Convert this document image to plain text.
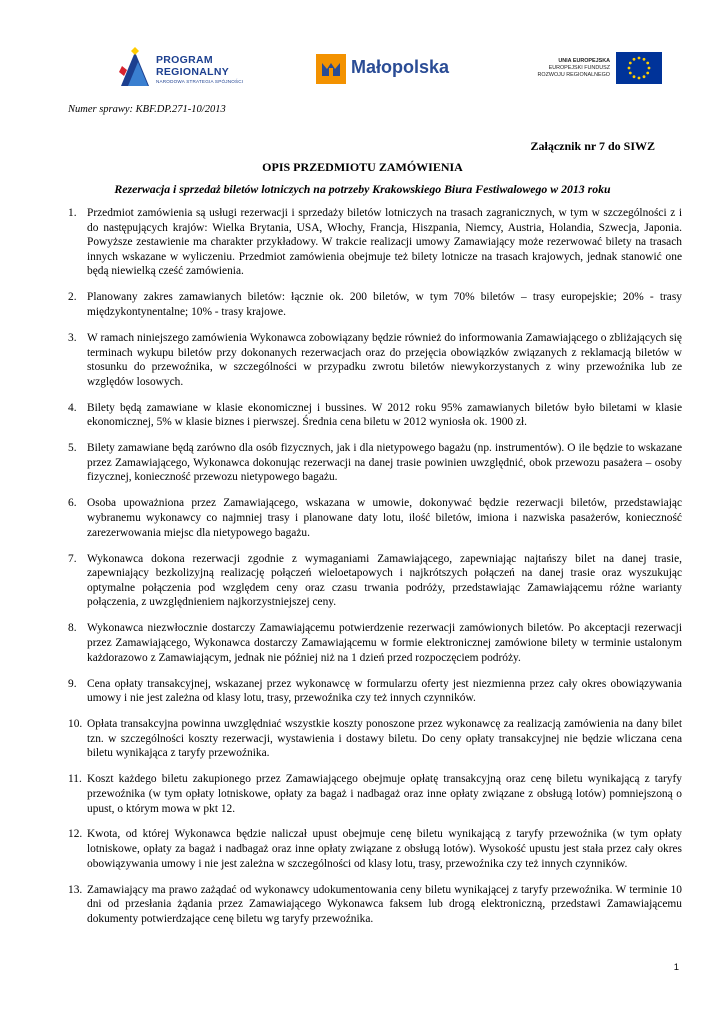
PROGRAM
REGIONALNY
NARODOWA STRATEGIA SPÓJNOŚCI
Małopolska	UNIA EUROPEJSKA
EUROPEJSKI FUNDUSZ
ROZWOJU REGIONALNEGO
Numer sprawy: KBF.DP.271-10/2013
Załącznik nr 7 do SIWZ
OPIS PRZEDMIOTU ZAMÓWIENIA
Rezerwacja i sprzedaż biletów lotniczych na potrzeby Krakowskiego Biura Festiwalowego w 2013 roku
1. Przedmiot zamówienia są usługi rezerwacji i sprzedaży biletów lotniczych na trasach zagranicznych, w tym w szczególności z i do następujących krajów: Wielka Brytania, USA, Włochy, Francja, Hiszpania, Niemcy, Austria, Holandia, Szwecja, Japonia. Powyższe zestawienie ma charakter przykładowy. W trakcie realizacji umowy Zamawiający może rezerwować bilety na trasach innych wskazane w wyliczeniu. Przedmiot zamówienia obejmuje też bilety lotnicze na trasach krajowych, jednak stanowić one będą niewielką cześć zamówienia.
2. Planowany zakres zamawianych biletów: łącznie ok. 200 biletów, w tym 70% biletów – trasy europejskie; 20% - trasy międzykontynentalne; 10% - trasy krajowe.
3. W ramach niniejszego zamówienia Wykonawca zobowiązany będzie również do informowania Zamawiającego o zbliżających się terminach wykupu biletów przy dokonanych rezerwacjach oraz do przejęcia obowiązków związanych z reklamacją biletów w stosunku do przewoźnika, w szczególności w przypadku zwrotu biletów niewykorzystanych z winy przewoźnika lub ze względów losowych.
4. Bilety będą zamawiane w klasie ekonomicznej i bussines. W 2012 roku 95% zamawianych biletów było biletami w klasie ekonomicznej, 5% w klasie biznes i pierwszej. Średnia cena biletu w 2012 wyniosła ok. 1900 zł.
5. Bilety zamawiane będą zarówno dla osób fizycznych, jak i dla nietypowego bagażu (np. instrumentów). O ile będzie to wskazane przez Zamawiającego, Wykonawca dokonując rezerwacji na danej trasie powinien uwzględnić, obok przewozu pasażera – osoby fizycznej, konieczność przewozu nietypowego bagażu.
6. Osoba upoważniona przez Zamawiającego, wskazana w umowie, dokonywać będzie rezerwacji biletów, przedstawiając wybranemu wykonawcy co najmniej trasy i planowane daty lotu, ilość biletów, imiona i nazwiska pasażerów, konieczność zarezerwowania miejsc dla nietypowego bagażu.
7. Wykonawca dokona rezerwacji zgodnie z wymaganiami Zamawiającego, zapewniając najtańszy bilet na danej trasie, zapewniający bezkolizyjną realizację połączeń wieloetapowych i najkrótszych połączeń na danej trasie oraz wyszukując optymalne połączenia pod względem ceny oraz czasu trwania podróży, przedstawiając Zamawiającemu różne warianty połączenia, z uwzględnieniem najkorzystniejszej ceny.
8. Wykonawca niezwłocznie dostarczy Zamawiającemu potwierdzenie rezerwacji zamówionych biletów. Po akceptacji rezerwacji przez Zamawiającego, Wykonawca dostarczy Zamawiającemu w formie elektronicznej zamówione bilety w terminie ustalonym każdorazowo z Zamawiającym, jednak nie później niż na 1 dzień przed rozpoczęciem podróży.
9. Cena opłaty transakcyjnej, wskazanej przez wykonawcę w formularzu oferty jest niezmienna przez cały okres obowiązywania umowy i nie jest zależna od klasy lotu, trasy, przewoźnika czy też innych czynników.
10. Opłata transakcyjna powinna uwzględniać wszystkie koszty ponoszone przez wykonawcę za realizacją zamówienia na dany bilet tzn. w szczególności koszty rezerwacji, wystawienia i dostawy biletu. Do ceny opłaty transakcyjnej nie będzie wliczana cena biletu wynikająca z taryfy przewoźnika.
11. Koszt każdego biletu zakupionego przez Zamawiającego obejmuje opłatę transakcyjną oraz cenę biletu wynikającą z taryfy przewoźnika (w tym opłaty lotniskowe, opłaty za bagaż i nadbagaż oraz inne opłaty związane z obsługą lotów) pomniejszoną o upust, o którym mowa w pkt 12.
12. Kwota, od której Wykonawca będzie naliczał upust obejmuje cenę biletu wynikającą z taryfy przewoźnika (w tym opłaty lotniskowe, opłaty za bagaż i nadbagaż oraz inne opłaty związane z obsługą lotów). Wysokość upustu jest stała przez cały okres obowiązywania umowy i nie jest zależna w szczególności od klasy lotu, trasy, przewoźnika czy też innych czynników.
13. Zamawiający ma prawo zażądać od wykonawcy udokumentowania ceny biletu wynikającej z taryfy przewoźnika. W terminie 10 dni od przesłania żądania przez Zamawiającego Wykonawca faksem lub drogą elektroniczną, przedstawi Zamawiającemu dokumenty potwierdzające cenę biletu wg taryfy przewoźnika.
1
